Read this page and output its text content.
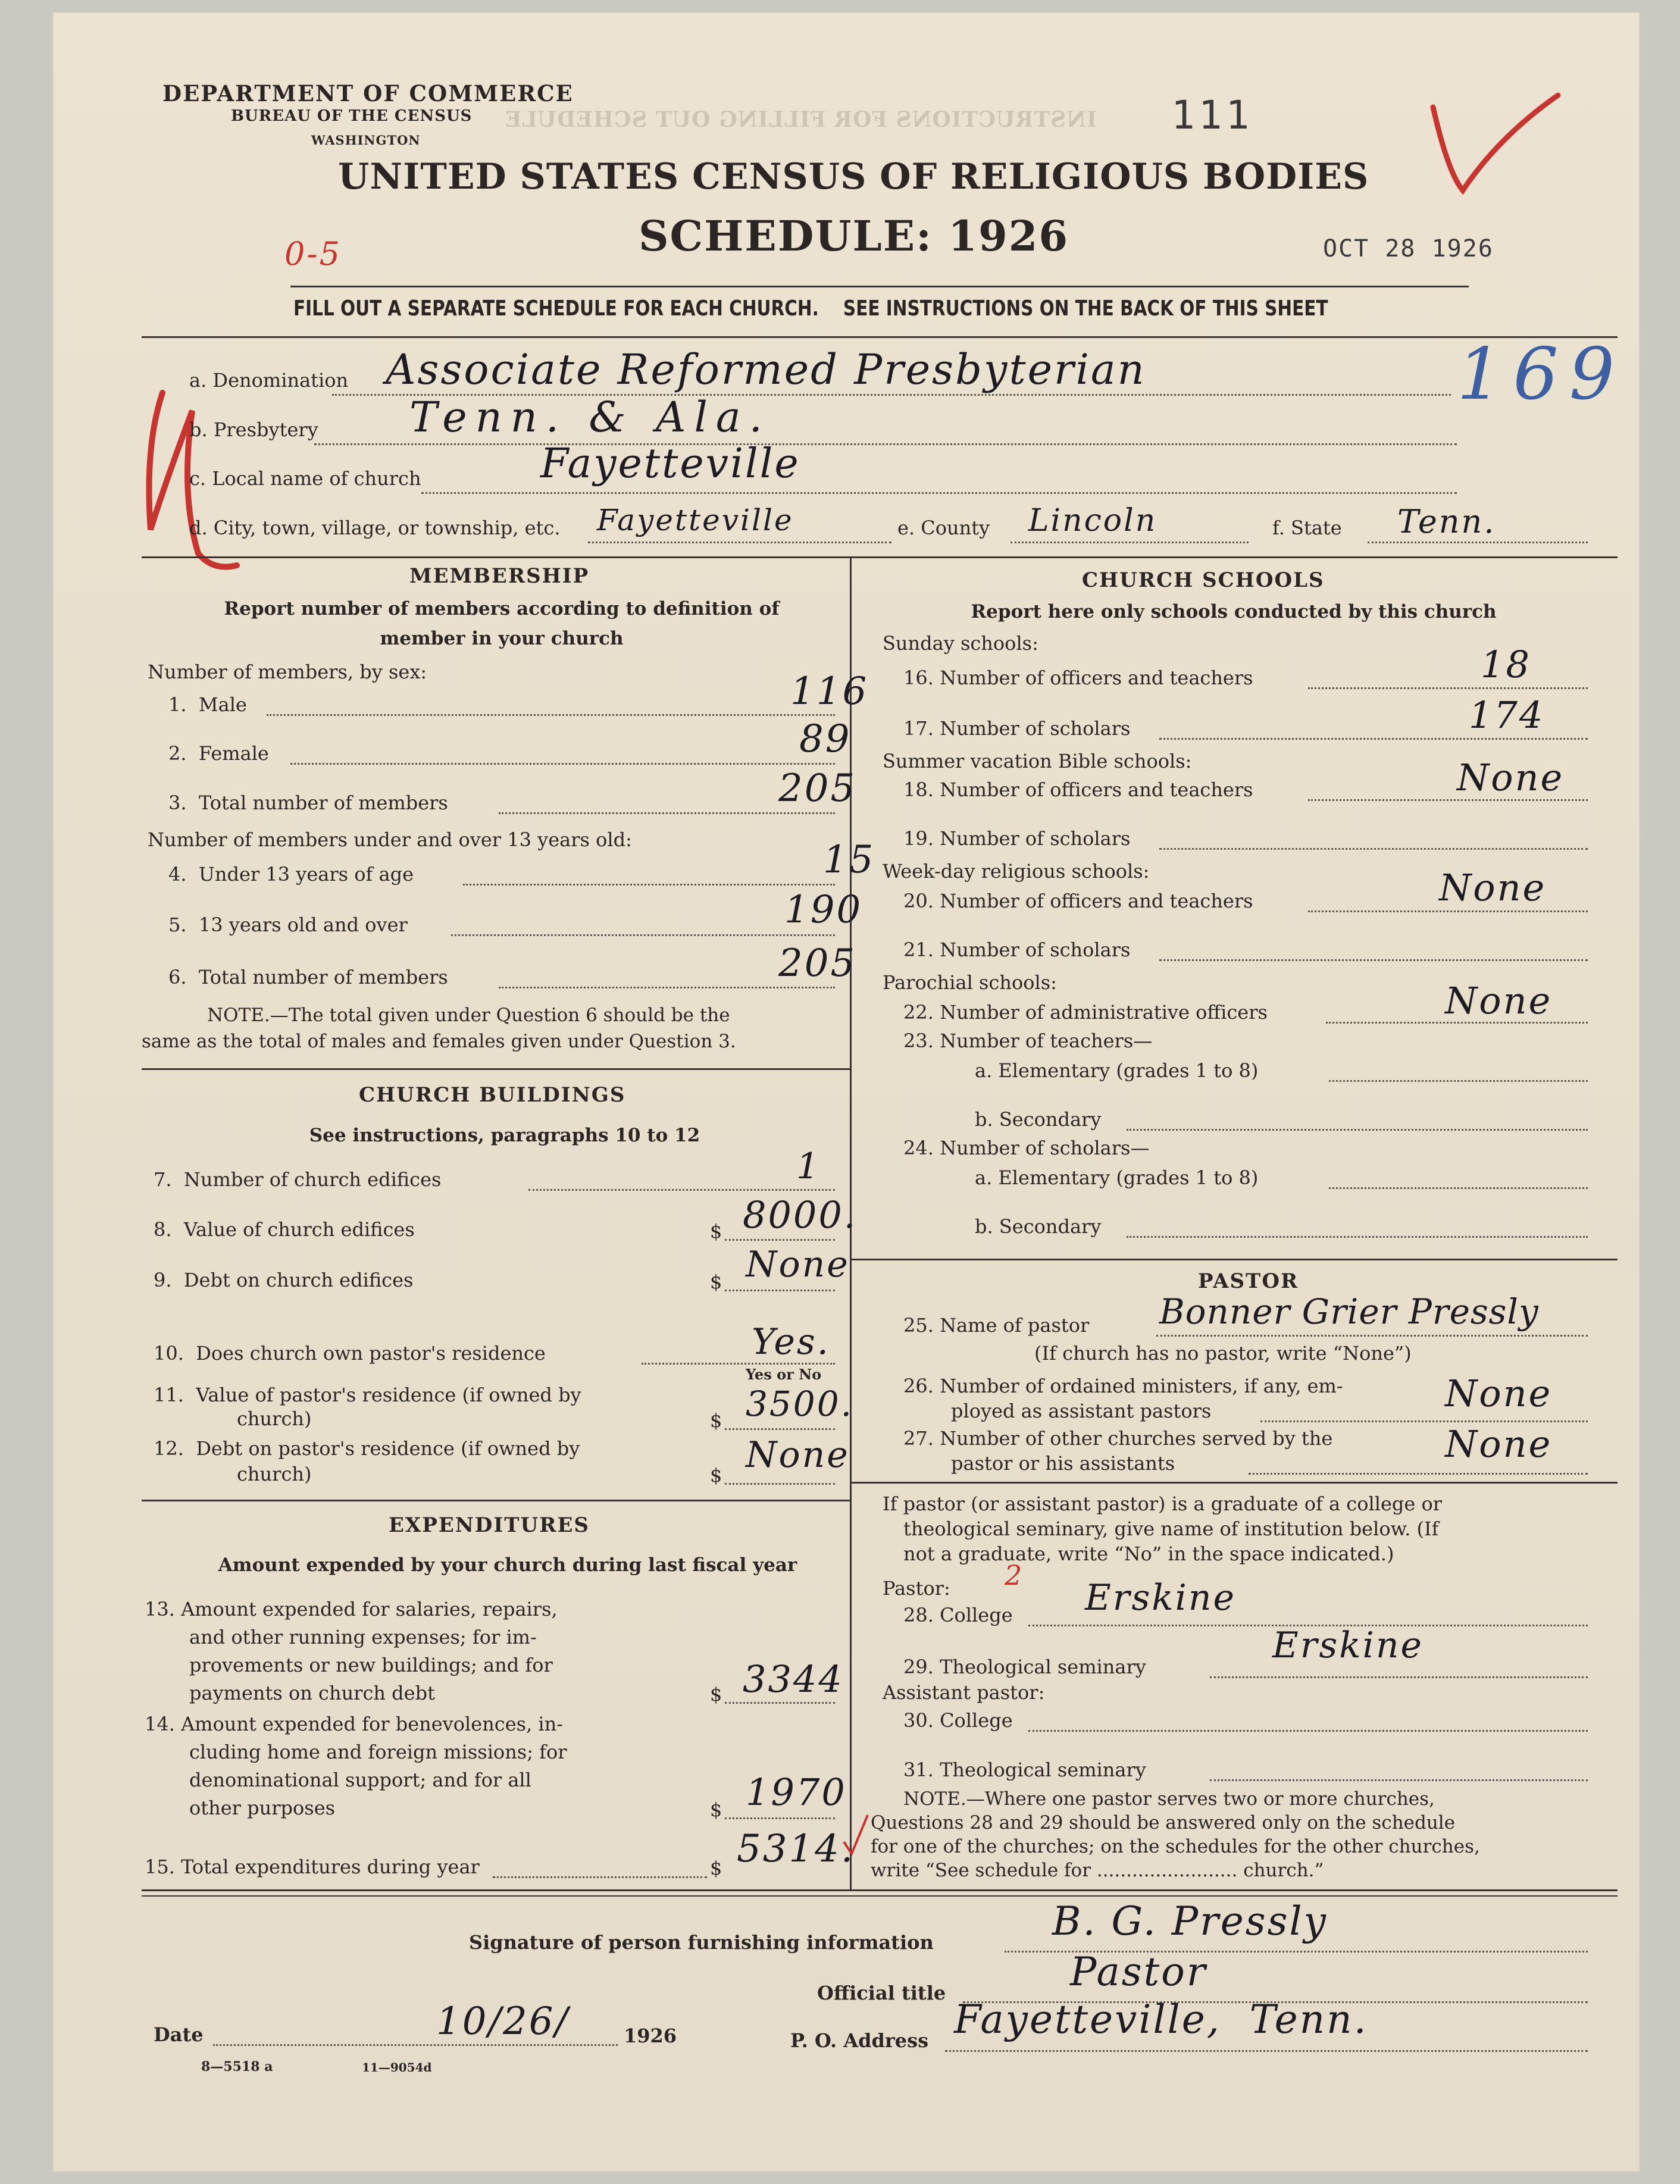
INSTRUCTIONS FOR FILLING OUT SCHEDULE
DEPARTMENT OF COMMERCE
BUREAU OF THE CENSUS
WASHINGTON
111
UNITED STATES CENSUS OF RELIGIOUS BODIES
SCHEDULE: 1926
0-5	OCT 28 1926
FILL OUT A SEPARATE SCHEDULE FOR EACH CHURCH.    SEE INSTRUCTIONS ON THE BACK OF THIS SHEET
a. Denomination Associate Reformed Presbyterian	169
b. Presbytery Tenn. & Ala.
c. Local name of church	Fayetteville
d. City, town, village, or township, etc. Fayetteville	e. County Lincoln	f. State Tenn.
MEMBERSHIP
Report number of members according to definition of
member in your church
Number of members, by sex:
1. Male	116
2. Female	89
3. Total number of members	205
Number of members under and over 13 years old:
4. Under 13 years of age	15
5. 13 years old and over	190
6. Total number of members	205
NOTE.—The total given under Question 6 should be the
same as the total of males and females given under Question 3.
CHURCH BUILDINGS
See instructions, paragraphs 10 to 12
7. Number of church edifices	1
8. Value of church edifices	$ 8000.
9. Debt on church edifices	$ None
10. Does church own pastor's residence	Yes.
Yes or No
11. Value of pastor's residence (if owned by
church)	$ 3500.
12. Debt on pastor's residence (if owned by
church)	$ None
EXPENDITURES
Amount expended by your church during last fiscal year
13. Amount expended for salaries, repairs,
and other running expenses; for im-
provements or new buildings; and for
payments on church debt	$ 3344
14. Amount expended for benevolences, in-
cluding home and foreign missions; for
denominational support; and for all
other purposes	$ 1970
15. Total expenditures during year	$ 5314.
CHURCH SCHOOLS
Report here only schools conducted by this church
Sunday schools:
16. Number of officers and teachers	18
17. Number of scholars	174
Summer vacation Bible schools:
18. Number of officers and teachers	None
19. Number of scholars
Week-day religious schools:
20. Number of officers and teachers	None
21. Number of scholars
Parochial schools:
22. Number of administrative officers	None
23. Number of teachers—
a. Elementary (grades 1 to 8)
b. Secondary
24. Number of scholars—
a. Elementary (grades 1 to 8)
b. Secondary
PASTOR
25. Name of pastor Bonner Grier Pressly
(If church has no pastor, write “None”)
26. Number of ordained ministers, if any, em-
ployed as assistant pastors	None
27. Number of other churches served by the
pastor or his assistants	None
If pastor (or assistant pastor) is a graduate of a college or
theological seminary, give name of institution below. (If
not a graduate, write “No” in the space indicated.)
Pastor: 2
28. College Erskine
29. Theological seminary
Erskine
Assistant pastor:
30. College
31. Theological seminary
NOTE.—Where one pastor serves two or more churches,
Questions 28 and 29 should be answered only on the schedule
for one of the churches; on the schedules for the other churches,
write “See schedule for ........................ church.”
Signature of person furnishing information	B. G. Pressly
Official title	Pastor
Date	10/26/	1926	P. O. Address Fayetteville,  Tenn.
8—5518 a	11—9054d
